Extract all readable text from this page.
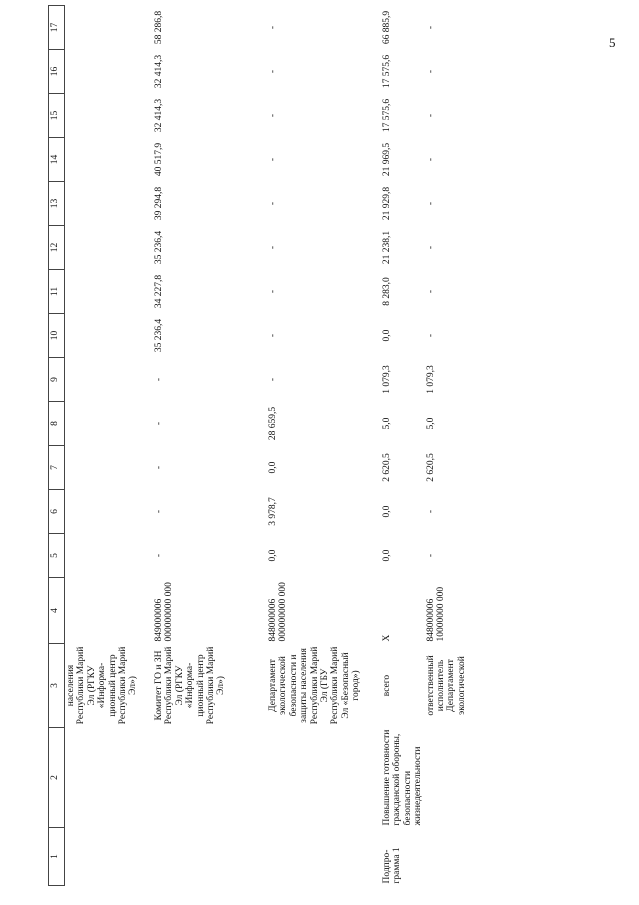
5
1	2	3	4	5	6	7	8	9	10	11	12	13	14	15	16	17
		населения Республики Марий Эл (РГКУ «Информа-ционный центр Республики Марий Эл»)														
		Комитет ГО и ЗН Республики Марий Эл (РГКУ «Информа-ционный центр Республики Марий Эл»)	849000006 000000000 000	-	-	-	-	-	35 236,4	34 227,8	35 236,4	39 294,8	40 517,9	32 414,3	32 414,3	58 286,8
		Департамент экологической безопасности и защиты населения Республики Марий Эл (ГБУ Республики Марий Эл «Безопасный город»)	848000006 000000000 000	0,0	3 978,7	0,0	28 659,5	-	-	-	-	-	-	-	-	-
Подпро-грамма 1	Повышение готовности гражданской обороны, безопасности жизнедеятельности	всего	X	0,0	0,0	2 620,5	5,0	1 079,3	0,0	8 283,0	21 238,1	21 929,8	21 969,5	17 575,6	17 575,6	66 885,9
		ответственный исполнитель Департамент экологической	848000006 10000000 000	-	-	2 620,5	5,0	1 079,3	-	-	-	-	-	-	-	-
